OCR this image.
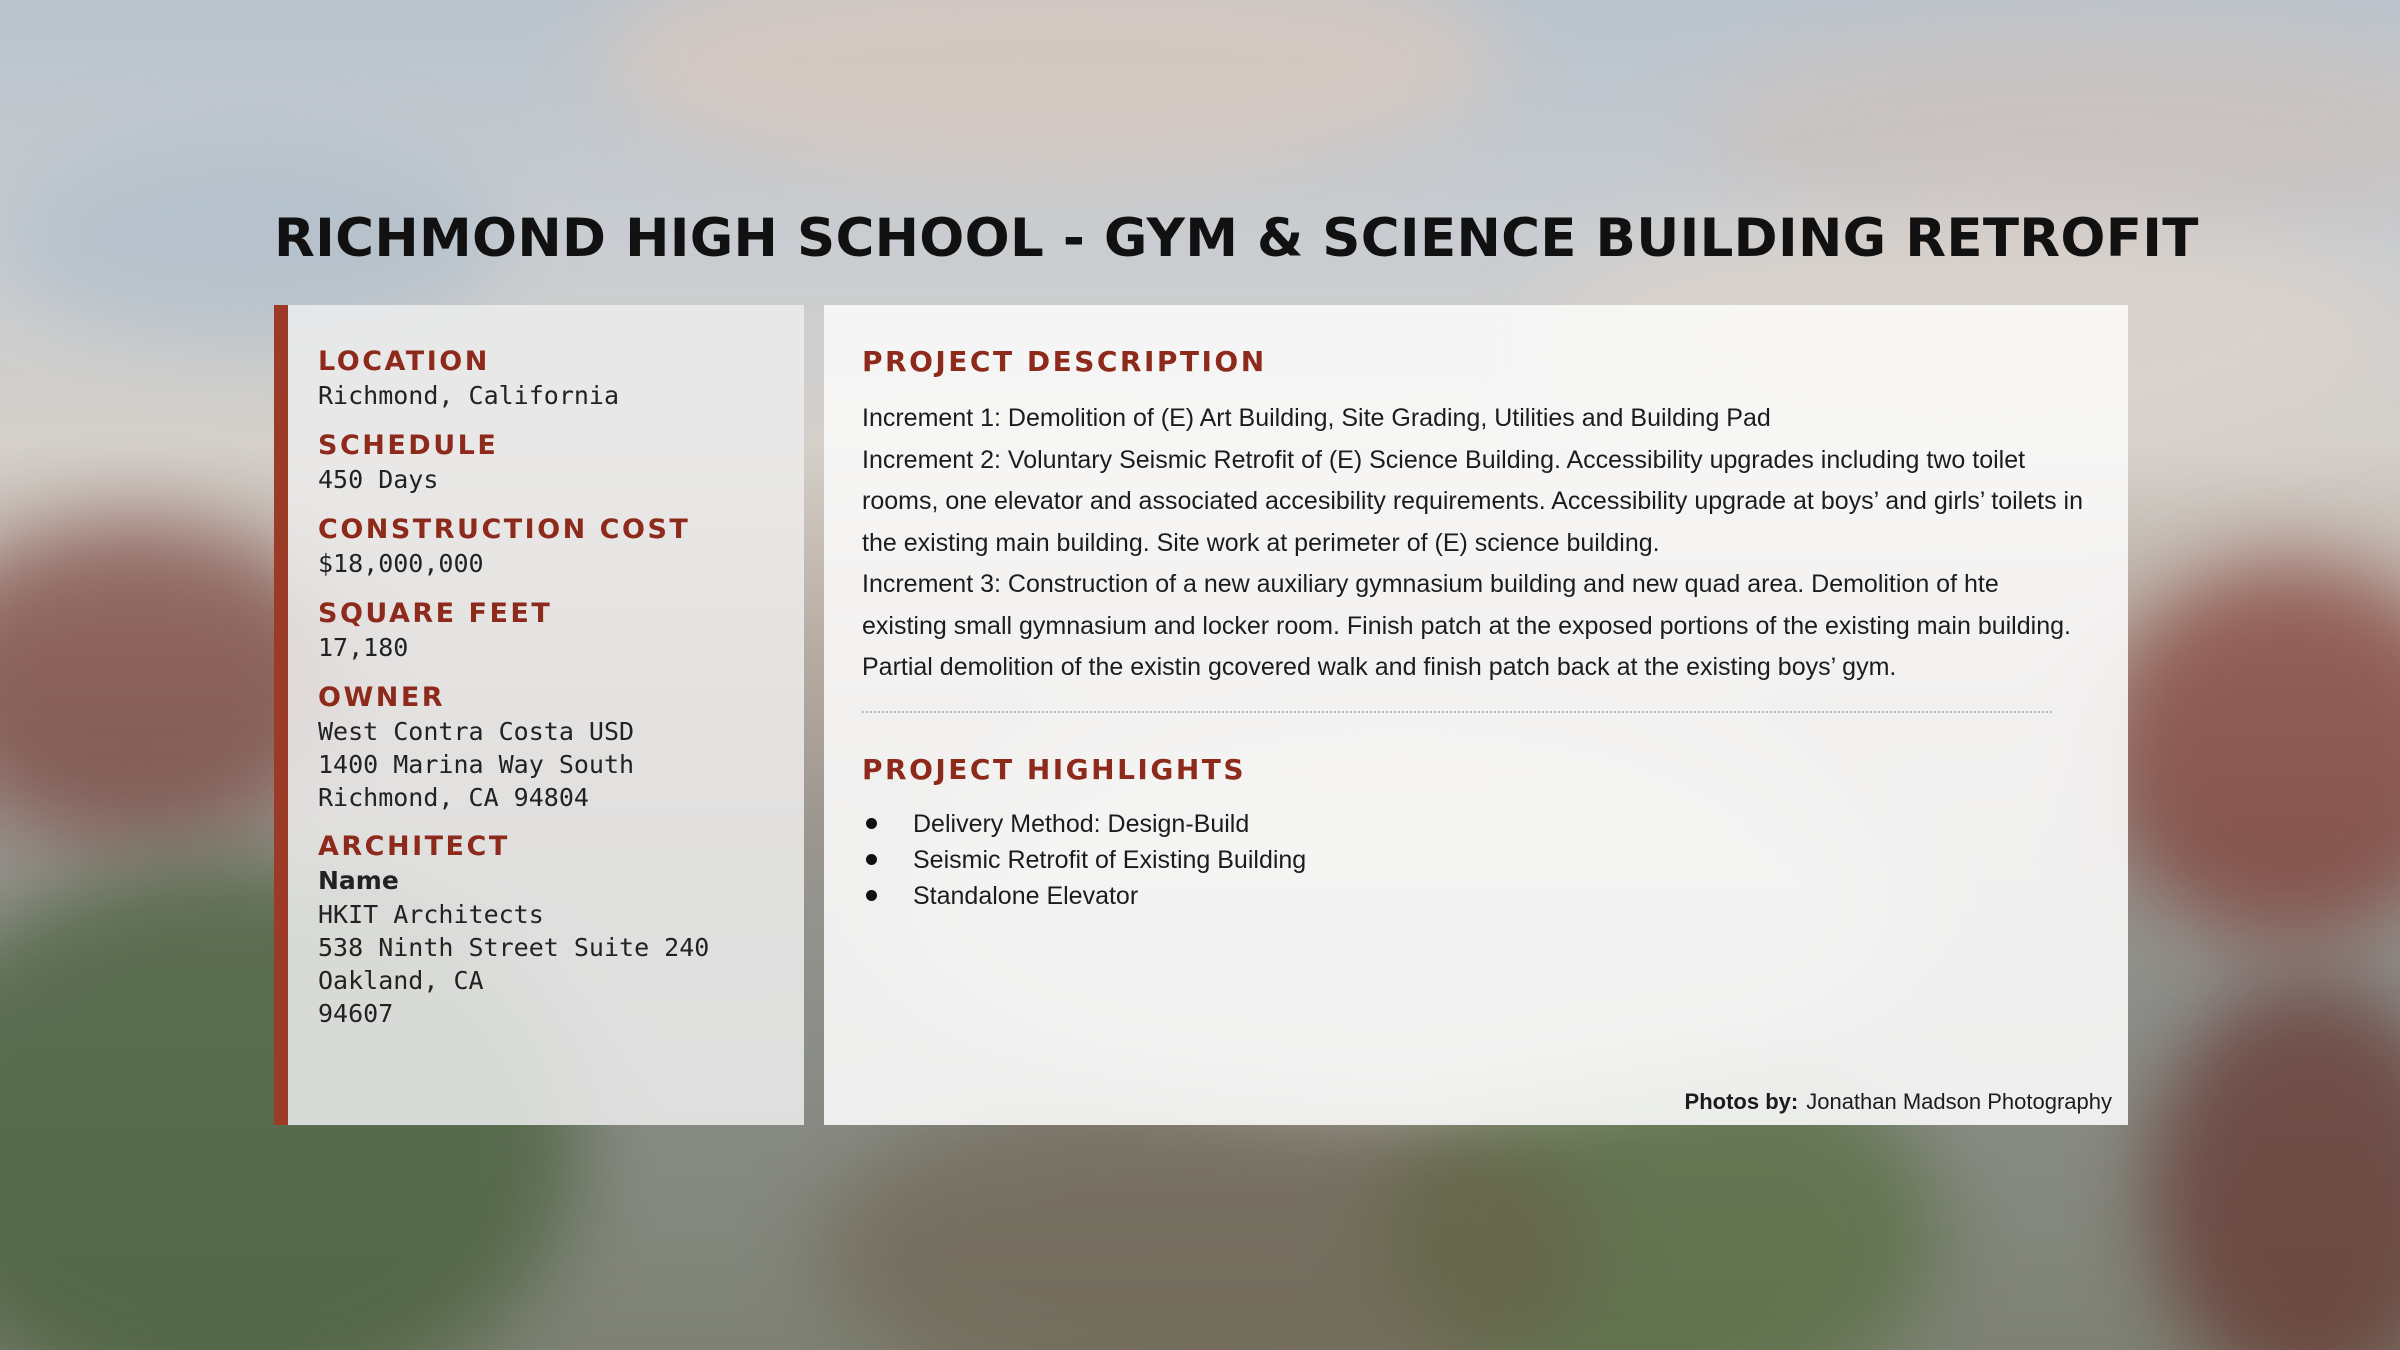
RICHMOND HIGH SCHOOL - GYM & SCIENCE BUILDING RETROFIT
LOCATION
Richmond, California
SCHEDULE
450 Days
CONSTRUCTION COST
$18,000,000
SQUARE FEET
17,180
OWNER
West Contra Costa USD
1400 Marina Way South
Richmond, CA 94804
ARCHITECT
Name
HKIT Architects
538 Ninth Street Suite 240
Oakland, CA
94607
PROJECT DESCRIPTION

Increment 1: Demolition of (E) Art Building, Site Grading, Utilities and Building Pad

Increment 2: Voluntary Seismic Retrofit of (E) Science Building. Accessibility upgrades including two toilet rooms, one elevator and associated accesibility requirements. Accessibility upgrade at boys’ and girls’ toilets in the existing main building. Site work at perimeter of (E) science building.

Increment 3: Construction of a new auxiliary gymnasium building and new quad area. Demolition of hte existing small gymnasium and locker room. Finish patch at the exposed portions of the existing main building. Partial demolition of the existin gcovered walk and finish patch back at the existing boys’ gym.

PROJECT HIGHLIGHTS
Delivery Method: Design-Build
Seismic Retrofit of Existing Building
Standalone Elevator
Photos by: Jonathan Madson Photography
